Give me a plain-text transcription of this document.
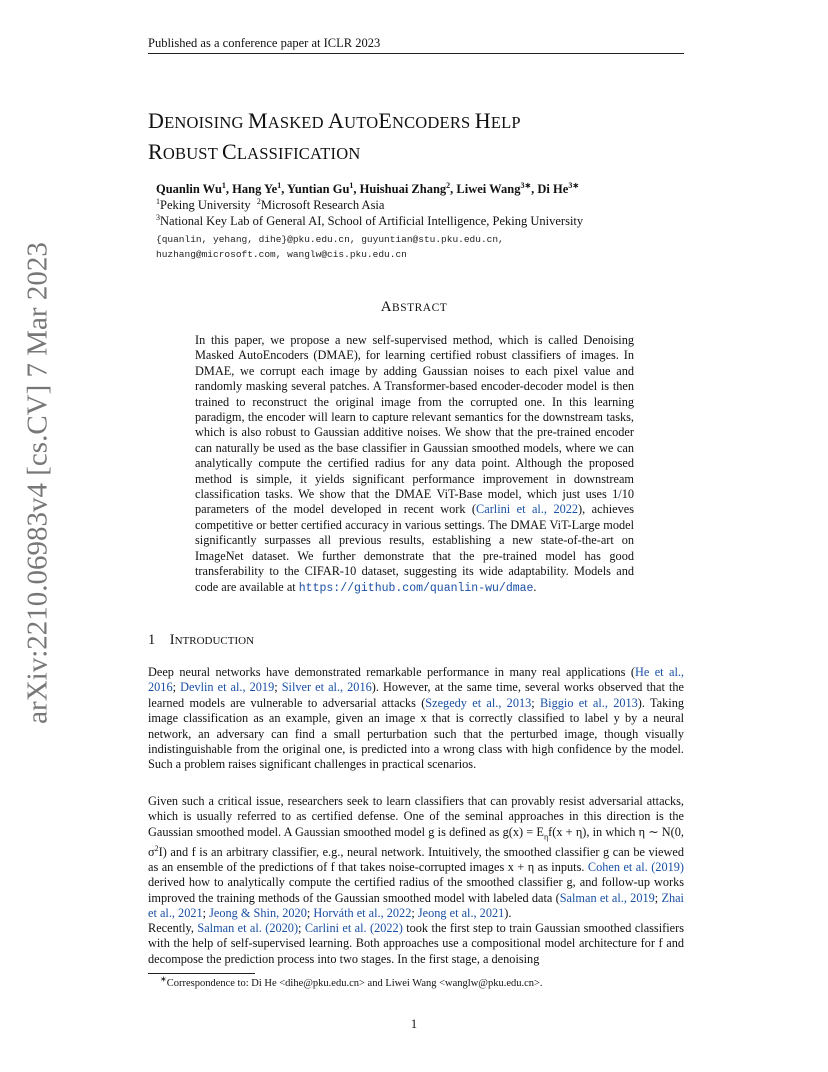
arXiv:2210.06983v4 [cs.CV] 7 Mar 2023
Published as a conference paper at ICLR 2023
DENOISING MASKED AUTOENCODERS HELP
ROBUST CLASSIFICATION
Quanlin Wu$^1$, Hang Ye$^1$, Yuntian Gu$^1$, Huishuai Zhang$^2$, Liwei Wang$^{3∗}$, Di $He^{3∗}$
$^1$Peking University $^2$Microsoft Research Asia
$^3$National Key Lab of General AI, School of Artificial Intelligence, Peking University
{quanlin, yehang, dihe}@pku.edu.cn, guyuntian@stu.pku.edu.cn,
huzhang@microsoft.com, wanglw@cis.pku.edu.cn
ABSTRACT
In this paper, we propose a new self-supervised method, which is called Denoising Masked AutoEncoders (DMAE), for learning certified robust classifiers of images. In DMAE, we corrupt each image by adding Gaussian noises to each pixel value and randomly masking several patches. A Transformer-based encoder-decoder model is then trained to reconstruct the original image from the corrupted one. In this learning paradigm, the encoder will learn to capture relevant semantics for the downstream tasks, which is also robust to Gaussian additive noises. We show that the pre-trained encoder can naturally be used as the base classifier in Gaussian smoothed models, where we can analytically compute the certified radius for any data point. Although the proposed method is simple, it yields significant performance improvement in downstream classification tasks. We show that the DMAE ViT-Base model, which just uses 1/10 parameters of the model developed in recent work (Carlini et al., 2022), achieves competitive or better certified accuracy in various settings. The DMAE ViT-Large model significantly surpasses all previous results, establishing a new state-of-the-art on ImageNet dataset. We further demonstrate that the pre-trained model has good transferability to the CIFAR-10 dataset, suggesting its wide adaptability. Models and code are available at https://github.com/quanlin-wu/dmae.
1 INTRODUCTION
Deep neural networks have demonstrated remarkable performance in many real applications (He et al., 2016; Devlin et al., 2019; Silver et al., 2016). However, at the same time, several works observed that the learned models are vulnerable to adversarial attacks (Szegedy et al., 2013; Biggio et al., 2013). Taking image classification as an example, given an image x that is correctly classified to label y by a neural network, an adversary can find a small perturbation such that the perturbed image, though visually indistinguishable from the original one, is predicted into a wrong class with high confidence by the model. Such a problem raises significant challenges in practical scenarios.
Given such a critical issue, researchers seek to learn classifiers that can provably resist adversarial attacks, which is usually referred to as certified defense. One of the seminal approaches in this direction is the Gaussian smoothed model. A Gaussian smoothed model g is defined as $g(x) = E_\eta f(x + \eta)$, in which η ∼ N(0, $\sigma^2I$) and f is an arbitrary classifier, e.g., neural network. Intuitively, the smoothed classifier g can be viewed as an ensemble of the predictions of f that takes noise-corrupted images x + η as inputs. Cohen et al. (2019) derived how to analytically compute the certified radius of the smoothed classifier g, and follow-up works improved the training methods of the Gaussian smoothed model with labeled data (Salman et al., 2019; Zhai et al., 2021; Jeong & Shin, 2020; Horváth et al., 2022; Jeong et al., 2021).
Recently, Salman et al. (2020); Carlini et al. (2022) took the first step to train Gaussian smoothed classifiers with the help of self-supervised learning. Both approaches use a compositional model architecture for f and decompose the prediction process into two stages. In the first stage, a denoising
∗Correspondence to: Di He <dihe@pku.edu.cn> and Liwei Wang <wanglw@pku.edu.cn>.
1
